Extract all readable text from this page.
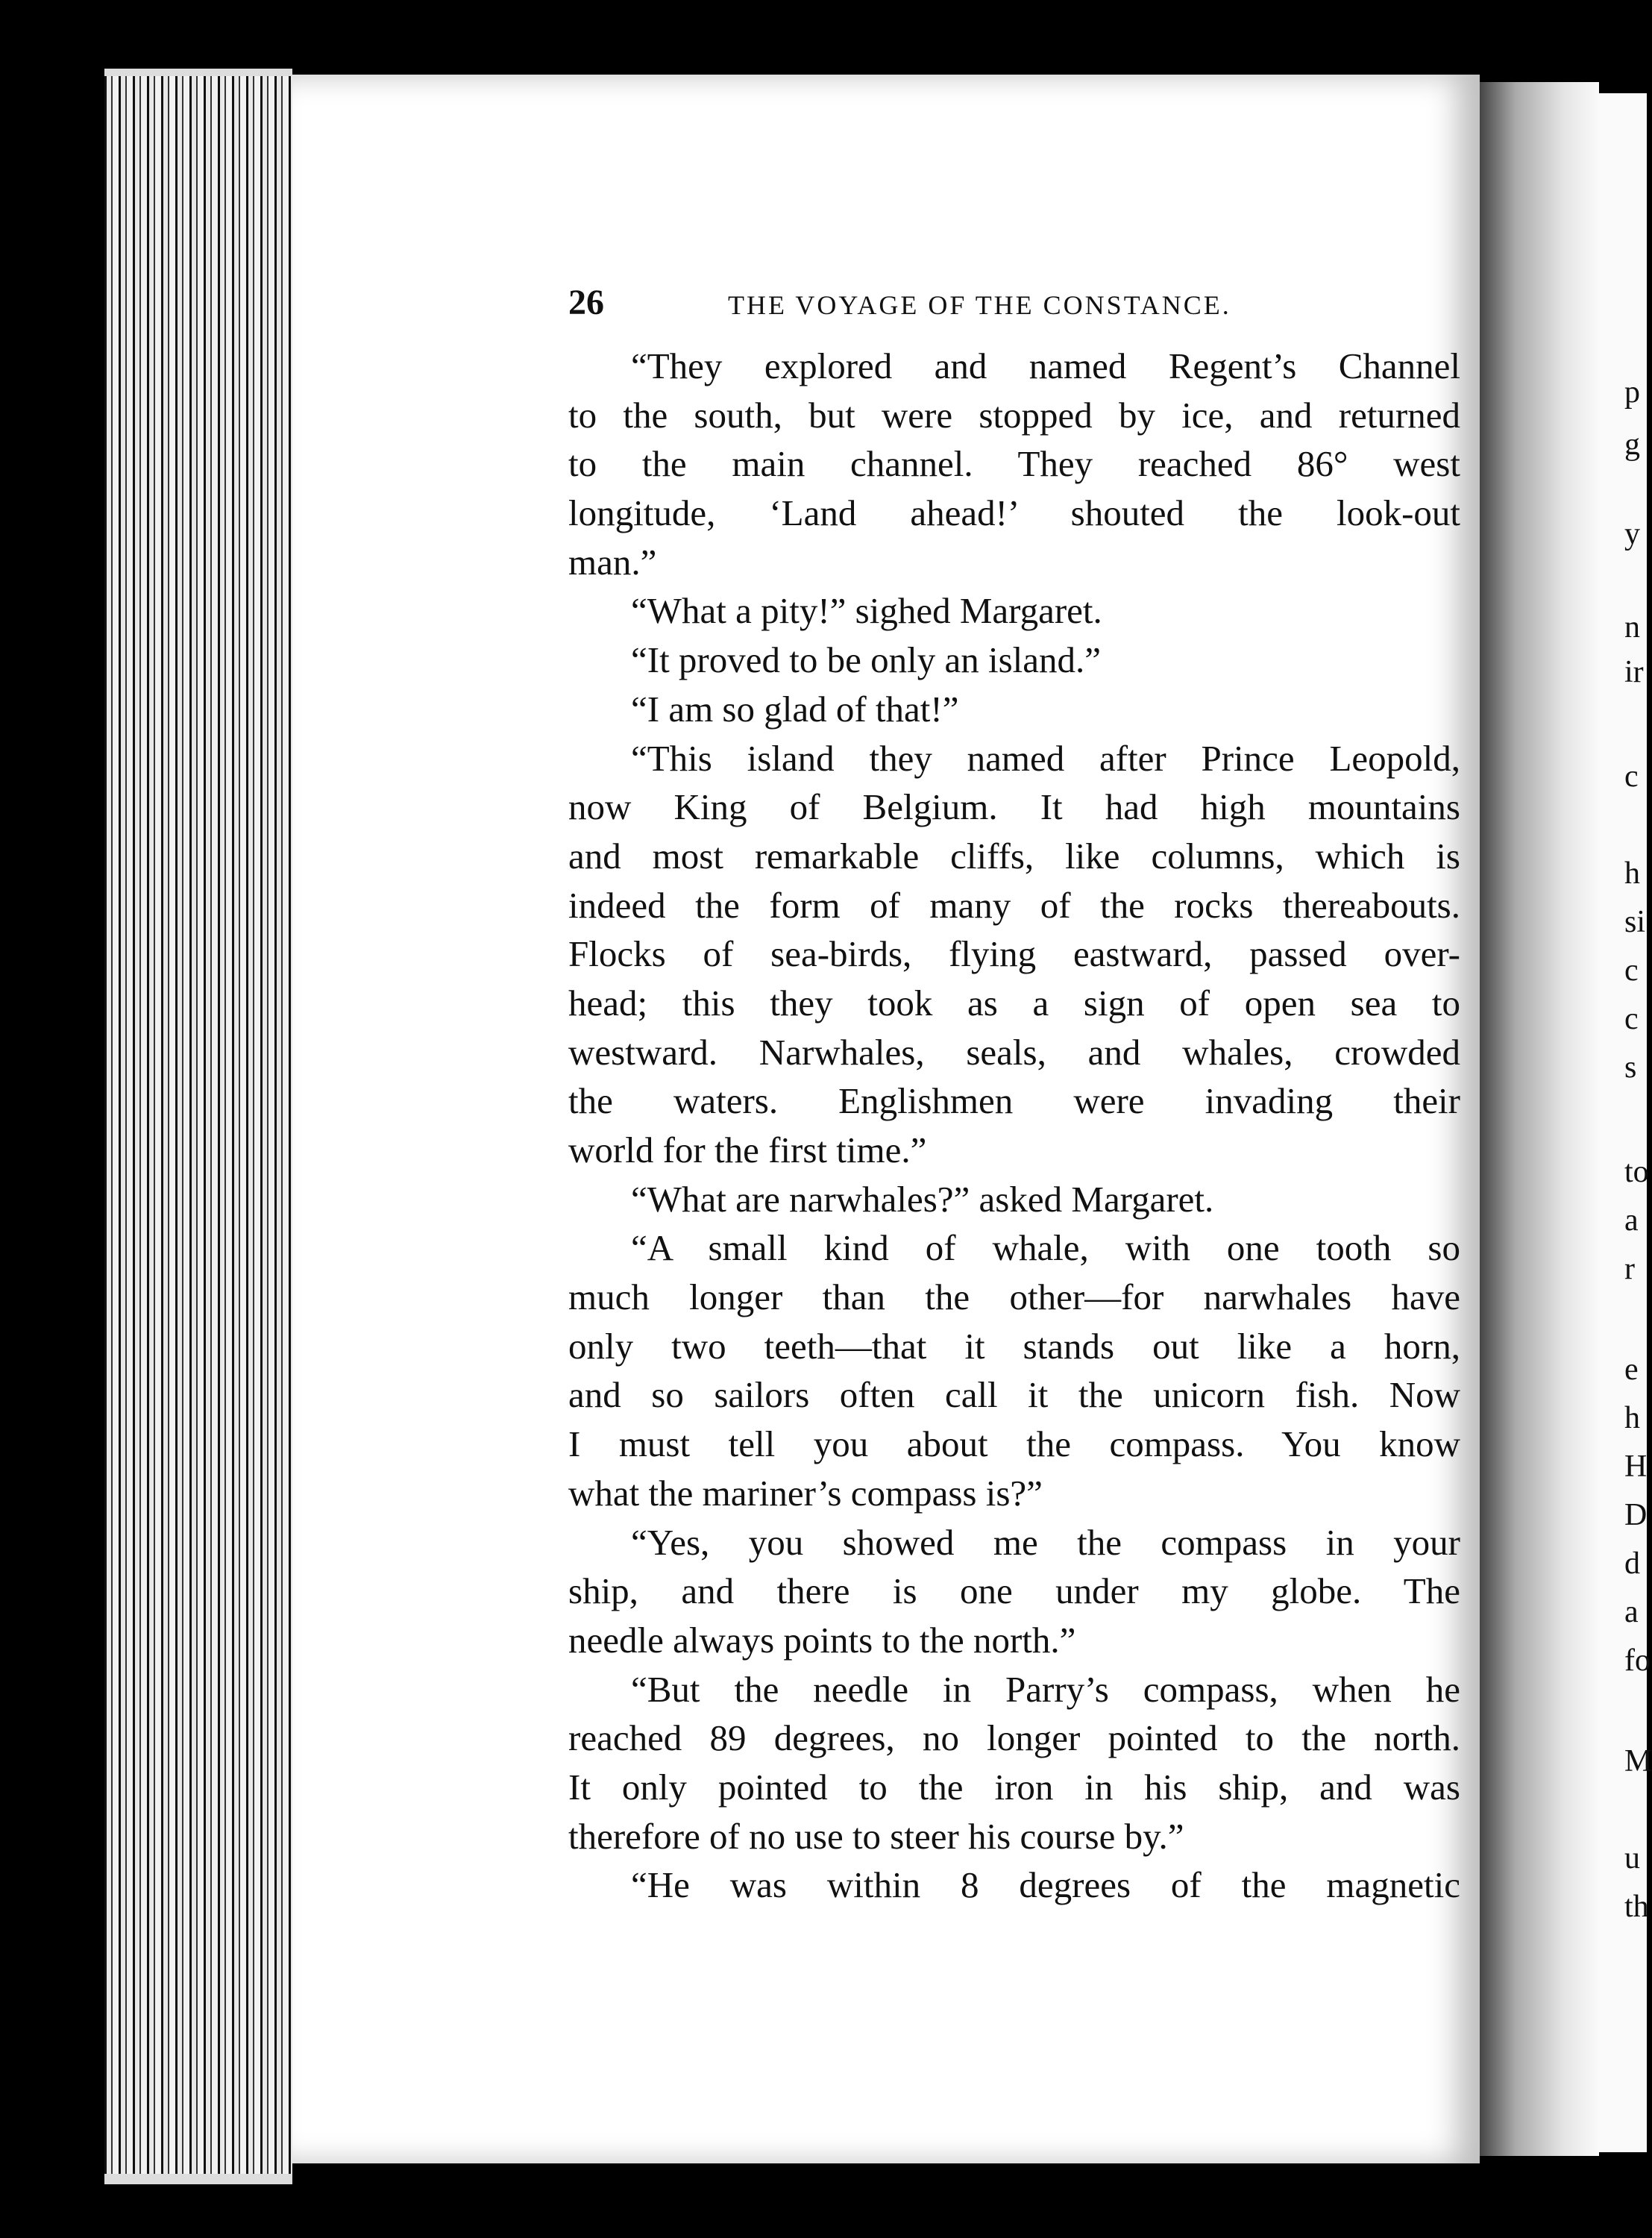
26	THE VOYAGE OF THE CONSTANCE.
“They explored and named Regent’s Channel
to the south, but were stopped by ice, and returned
to the main channel. They reached 86° west
longitude, ‘Land ahead!’ shouted the look-out
man.”
“What a pity!” sighed Margaret.
“It proved to be only an island.”
“I am so glad of that!”
“This island they named after Prince Leopold,
now King of Belgium. It had high mountains
and most remarkable cliffs, like columns, which is
indeed the form of many of the rocks thereabouts.
Flocks of sea-birds, flying eastward, passed over-
head; this they took as a sign of open sea to
westward. Narwhales, seals, and whales, crowded
the waters. Englishmen were invading their
world for the first time.”
“What are narwhales?” asked Margaret.
“A small kind of whale, with one tooth so
much longer than the other—for narwhales have
only two teeth—that it stands out like a horn,
and so sailors often call it the unicorn fish. Now
I must tell you about the compass. You know
what the mariner’s compass is?”
“Yes, you showed me the compass in your
ship, and there is one under my globe. The
needle always points to the north.”
“But the needle in Parry’s compass, when he
reached 89 degrees, no longer pointed to the north.
It only pointed to the iron in his ship, and was
therefore of no use to steer his course by.”
“He was within 8 degrees of the magnetic
p
g
y
n
ir
c
h
si
c
c
s
to
a
r
e
h
H
D
d
a
fo
M
u
th
